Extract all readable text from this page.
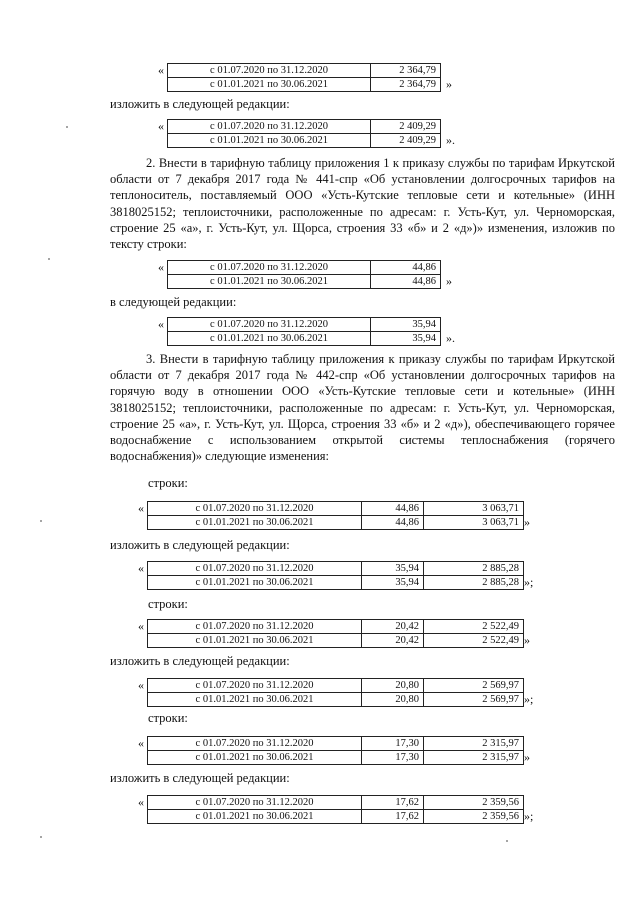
«	с 01.07.2020 по 31.12.2020	2 364,79
с 01.01.2021 по 30.06.2021	2 364,79 »
изложить в следующей редакции:
«	с 01.07.2020 по 31.12.2020	2 409,29
с 01.01.2021 по 30.06.2021	2 409,29 ».
2. Внести в тарифную таблицу приложения 1 к приказу службы по тарифам Иркутской области от 7 декабря 2017 года № 441-спр «Об установлении долгосрочных тарифов на теплоноситель, поставляемый ООО «Усть-Кутские тепловые сети и котельные» (ИНН 3818025152; теплоисточники, расположенные по адресам: г. Усть-Кут, ул. Черноморская, строение 25 «а», г. Усть-Кут, ул. Щорса, строения 33 «б» и 2 «д»)» изменения, изложив по тексту строки:
«	с 01.07.2020 по 31.12.2020	44,86
с 01.01.2021 по 30.06.2021	44,86 »
в следующей редакции:
«	с 01.07.2020 по 31.12.2020	35,94
с 01.01.2021 по 30.06.2021	35,94 ».
3. Внести в тарифную таблицу приложения к приказу службы по тарифам Иркутской области от 7 декабря 2017 года № 442-спр «Об установлении долгосрочных тарифов на горячую воду в отношении ООО «Усть-Кутские тепловые сети и котельные» (ИНН 3818025152; теплоисточники, расположенные по адресам: г. Усть-Кут, ул. Черноморская, строение 25 «а», г. Усть-Кут, ул. Щорса, строения 33 «б» и 2 «д»), обеспечивающего горячее водоснабжение с использованием открытой системы теплоснабжения (горячего водоснабжения)» следующие изменения:
строки:
«	с 01.07.2020 по 31.12.2020	44,86	3 063,71
с 01.01.2021 по 30.06.2021	44,86	3 063,71 »
изложить в следующей редакции:
«	с 01.07.2020 по 31.12.2020	35,94	2 885,28
с 01.01.2021 по 30.06.2021	35,94	2 885,28 »;
строки:
«	с 01.07.2020 по 31.12.2020	20,42	2 522,49
с 01.01.2021 по 30.06.2021	20,42	2 522,49 »
изложить в следующей редакции:
«	с 01.07.2020 по 31.12.2020	20,80	2 569,97
с 01.01.2021 по 30.06.2021	20,80	2 569,97 »;
строки:
«	с 01.07.2020 по 31.12.2020	17,30	2 315,97
с 01.01.2021 по 30.06.2021	17,30	2 315,97 »
изложить в следующей редакции:
«	с 01.07.2020 по 31.12.2020	17,62	2 359,56
с 01.01.2021 по 30.06.2021	17,62	2 359,56 »;
